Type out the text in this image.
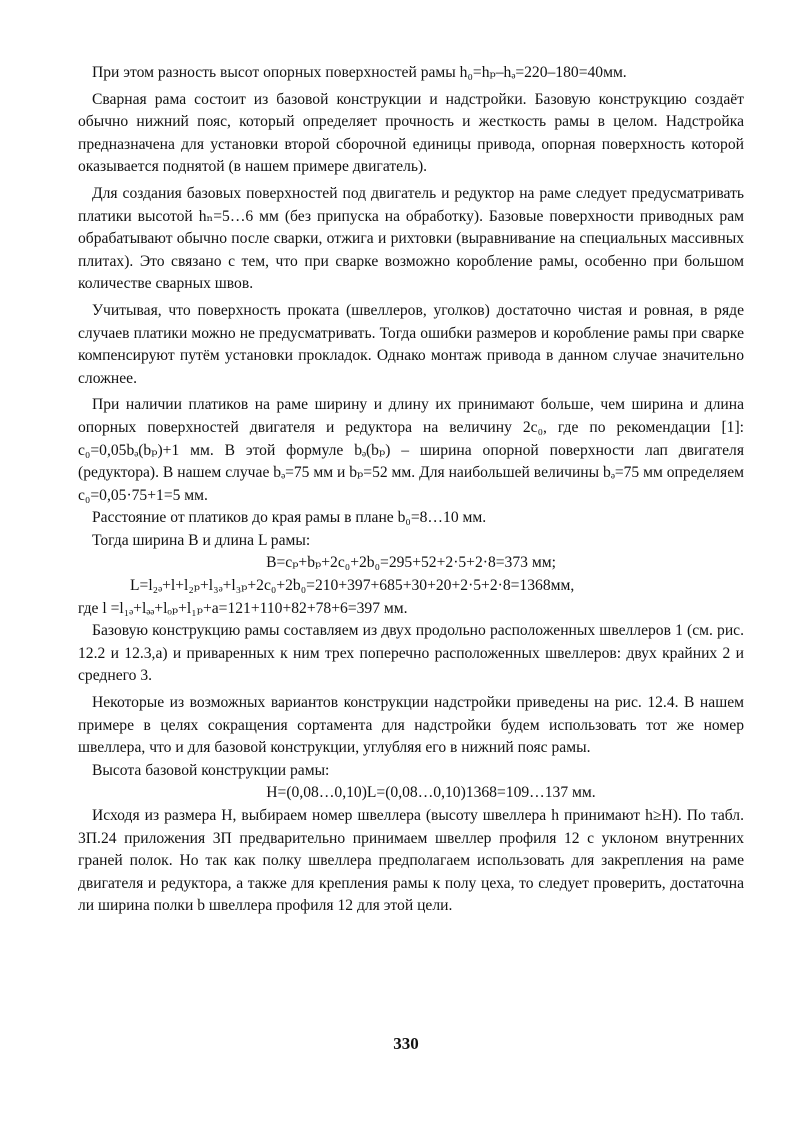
При этом разность высот опорных поверхностей рамы h₀=hₚ–hₔ=220–180=40мм.

Сварная рама состоит из базовой конструкции и надстройки. Базовую конструкцию создаёт обычно нижний пояс, который определяет прочность и жесткость рамы в целом. Надстройка предназначена для установки второй сборочной единицы привода, опорная поверхность которой оказывается поднятой (в нашем примере двигатель).

Для создания базовых поверхностей под двигатель и редуктор на раме следует предусматривать платики высотой hₙ=5…6 мм (без припуска на обработку). Базовые поверхности приводных рам обрабатывают обычно после сварки, отжига и рихтовки (выравнивание на специальных массивных плитах). Это связано с тем, что при сварке возможно коробление рамы, особенно при большом количестве сварных швов.

Учитывая, что поверхность проката (швеллеров, уголков) достаточно чистая и ровная, в ряде случаев платики можно не предусматривать. Тогда ошибки размеров и коробление рамы при сварке компенсируют путём установки прокладок. Однако монтаж привода в данном случае значительно сложнее.

При наличии платиков на раме ширину и длину их принимают больше, чем ширина и длина опорных поверхностей двигателя и редуктора на величину 2c₀, где по рекомендации [1]: c₀=0,05bₔ(bₚ)+1 мм. В этой формуле bₔ(bₚ) – ширина опорной поверхности лап двигателя (редуктора). В нашем случае bₔ=75 мм и bₚ=52 мм. Для наибольшей величины bₔ=75 мм определяем c₀=0,05·75+1=5 мм.

Расстояние от платиков до края рамы в плане b₀=8…10 мм.

Тогда ширина B и длина L рамы:

B=cₚ+bₚ+2c₀+2b₀=295+52+2·5+2·8=373 мм;

L=l₂ₔ+l+l₂ₚ+l₃ₔ+l₃ₚ+2c₀+2b₀=210+397+685+30+20+2·5+2·8=1368мм,

где l =l₁ₔ+lₔₔ+lₒₚ+l₁ₚ+a=121+110+82+78+6=397 мм.

Базовую конструкцию рамы составляем из двух продольно расположенных швеллеров 1 (см. рис. 12.2 и 12.3,а) и приваренных к ним трех поперечно расположенных швеллеров: двух крайних 2 и среднего 3.

Некоторые из возможных вариантов конструкции надстройки приведены на рис. 12.4. В нашем примере в целях сокращения сортамента для надстройки будем использовать тот же номер швеллера, что и для базовой конструкции, углубляя его в нижний пояс рамы.

Высота базовой конструкции рамы:

H=(0,08…0,10)L=(0,08…0,10)1368=109…137 мм.

Исходя из размера H, выбираем номер швеллера (высоту швеллера h принимают h≥H). По табл. 3П.24 приложения 3П предварительно принимаем швеллер профиля 12 с уклоном внутренних граней полок. Но так как полку швеллера предполагаем использовать для закрепления на раме двигателя и редуктора, а также для крепления рамы к полу цеха, то следует проверить, достаточна ли ширина полки b швеллера профиля 12 для этой цели.

330
